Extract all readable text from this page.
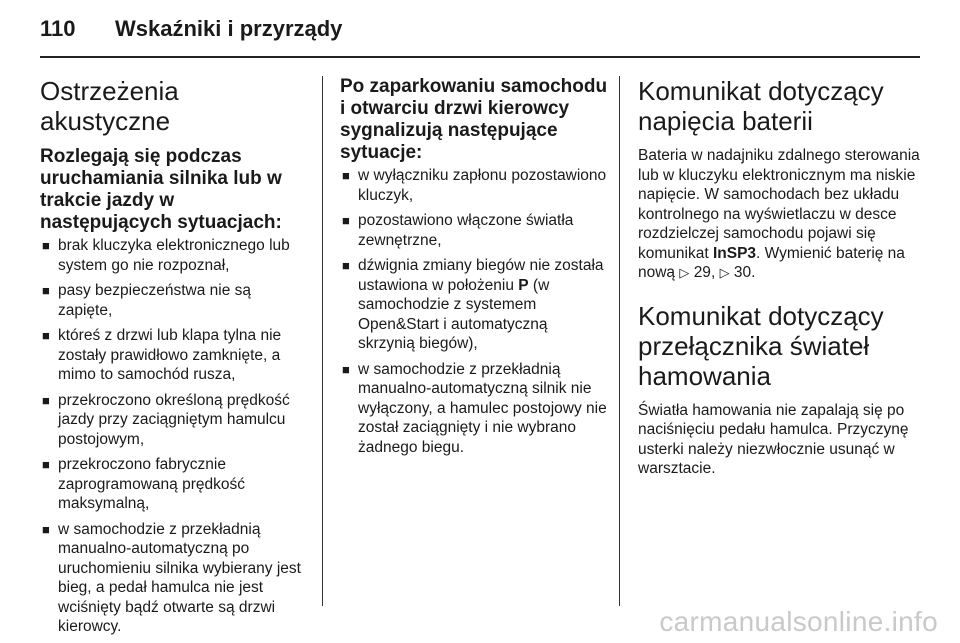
110 Wskaźniki i przyrządy
Ostrzeżenia akustyczne
Rozlegają się podczas uruchamiania silnika lub w trakcie jazdy w następujących sytuacjach:
■ brak kluczyka elektronicznego lub system go nie rozpoznał,
■ pasy bezpieczeństwa nie są zapięte,
■ któreś z drzwi lub klapa tylna nie zostały prawidłowo zamknięte, a mimo to samochód rusza,
■ przekroczono określoną prędkość jazdy przy zaciągniętym hamulcu postojowym,
■ przekroczono fabrycznie zaprogramowaną prędkość maksymalną,
■ w samochodzie z przekładnią manualno-automatyczną po uruchomieniu silnika wybierany jest bieg, a pedał hamulca nie jest wciśnięty bądź otwarte są drzwi kierowcy.
Po zaparkowaniu samochodu i otwarciu drzwi kierowcy sygnalizują następujące sytuacje:
■ w wyłączniku zapłonu pozostawiono kluczyk,
■ pozostawiono włączone światła zewnętrzne,
■ dźwignia zmiany biegów nie została ustawiona w położeniu P (w samochodzie z systemem Open&Start i automatyczną skrzynią biegów),
■ w samochodzie z przekładnią manualno-automatyczną silnik nie wyłączony, a hamulec postojowy nie został zaciągnięty i nie wybrano żadnego biegu.
Komunikat dotyczący napięcia baterii

Bateria w nadajniku zdalnego sterowania lub w kluczyku elektronicznym ma niskie napięcie. W samochodach bez układu kontrolnego na wyświetlaczu w desce rozdzielczej samochodu pojawi się komunikat InSP3. Wymienić baterię na nową ▷ 29, ▷ 30.

Komunikat dotyczący przełącznika świateł hamowania

Światła hamowania nie zapalają się po naciśnięciu pedału hamulca. Przyczynę usterki należy niezwłocznie usunąć w warsztacie.

carmanualsonline.info
